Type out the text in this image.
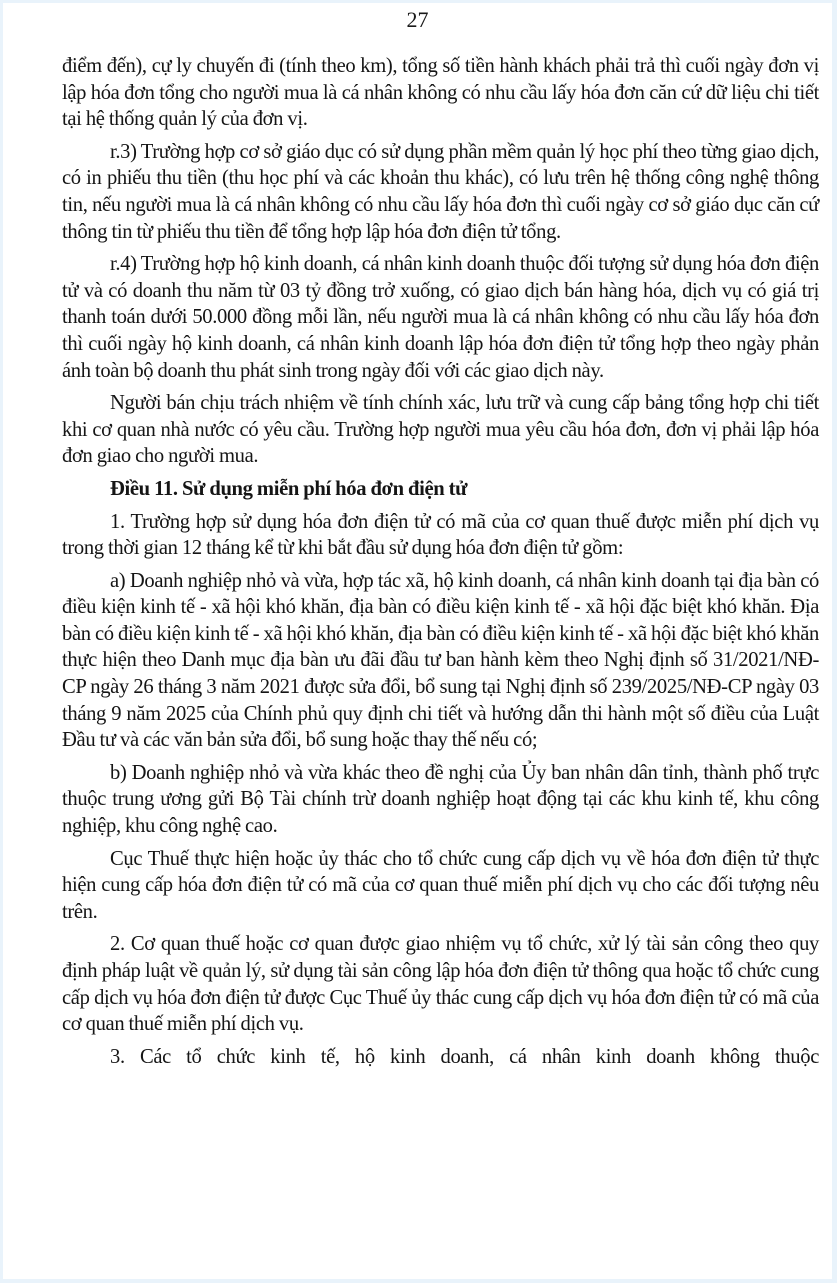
27

điểm đến), cự ly chuyến đi (tính theo km), tổng số tiền hành khách phải trả thì cuối ngày đơn vị lập hóa đơn tổng cho người mua là cá nhân không có nhu cầu lấy hóa đơn căn cứ dữ liệu chi tiết tại hệ thống quản lý của đơn vị.

r.3) Trường hợp cơ sở giáo dục có sử dụng phần mềm quản lý học phí theo từng giao dịch, có in phiếu thu tiền (thu học phí và các khoản thu khác), có lưu trên hệ thống công nghệ thông tin, nếu người mua là cá nhân không có nhu cầu lấy hóa đơn thì cuối ngày cơ sở giáo dục căn cứ thông tin từ phiếu thu tiền để tổng hợp lập hóa đơn điện tử tổng.

r.4) Trường hợp hộ kinh doanh, cá nhân kinh doanh thuộc đối tượng sử dụng hóa đơn điện tử và có doanh thu năm từ 03 tỷ đồng trở xuống, có giao dịch bán hàng hóa, dịch vụ có giá trị thanh toán dưới 50.000 đồng mỗi lần, nếu người mua là cá nhân không có nhu cầu lấy hóa đơn thì cuối ngày hộ kinh doanh, cá nhân kinh doanh lập hóa đơn điện tử tổng hợp theo ngày phản ánh toàn bộ doanh thu phát sinh trong ngày đối với các giao dịch này.

Người bán chịu trách nhiệm về tính chính xác, lưu trữ và cung cấp bảng tổng hợp chi tiết khi cơ quan nhà nước có yêu cầu. Trường hợp người mua yêu cầu hóa đơn, đơn vị phải lập hóa đơn giao cho người mua.

Điều 11. Sử dụng miễn phí hóa đơn điện tử

1. Trường hợp sử dụng hóa đơn điện tử có mã của cơ quan thuế được miễn phí dịch vụ trong thời gian 12 tháng kể từ khi bắt đầu sử dụng hóa đơn điện tử gồm:

a) Doanh nghiệp nhỏ và vừa, hợp tác xã, hộ kinh doanh, cá nhân kinh doanh tại địa bàn có điều kiện kinh tế - xã hội khó khăn, địa bàn có điều kiện kinh tế - xã hội đặc biệt khó khăn. Địa bàn có điều kiện kinh tế - xã hội khó khăn, địa bàn có điều kiện kinh tế - xã hội đặc biệt khó khăn thực hiện theo Danh mục địa bàn ưu đãi đầu tư ban hành kèm theo Nghị định số 31/2021/NĐ-CP ngày 26 tháng 3 năm 2021 được sửa đổi, bổ sung tại Nghị định số 239/2025/NĐ-CP ngày 03 tháng 9 năm 2025 của Chính phủ quy định chi tiết và hướng dẫn thi hành một số điều của Luật Đầu tư và các văn bản sửa đổi, bổ sung hoặc thay thế nếu có;

b) Doanh nghiệp nhỏ và vừa khác theo đề nghị của Ủy ban nhân dân tỉnh, thành phố trực thuộc trung ương gửi Bộ Tài chính trừ doanh nghiệp hoạt động tại các khu kinh tế, khu công nghiệp, khu công nghệ cao.

Cục Thuế thực hiện hoặc ủy thác cho tổ chức cung cấp dịch vụ về hóa đơn điện tử thực hiện cung cấp hóa đơn điện tử có mã của cơ quan thuế miễn phí dịch vụ cho các đối tượng nêu trên.

2. Cơ quan thuế hoặc cơ quan được giao nhiệm vụ tổ chức, xử lý tài sản công theo quy định pháp luật về quản lý, sử dụng tài sản công lập hóa đơn điện tử thông qua hoặc tổ chức cung cấp dịch vụ hóa đơn điện tử được Cục Thuế ủy thác cung cấp dịch vụ hóa đơn điện tử có mã của cơ quan thuế miễn phí dịch vụ.

3. Các tổ chức kinh tế, hộ kinh doanh, cá nhân kinh doanh không thuộc
